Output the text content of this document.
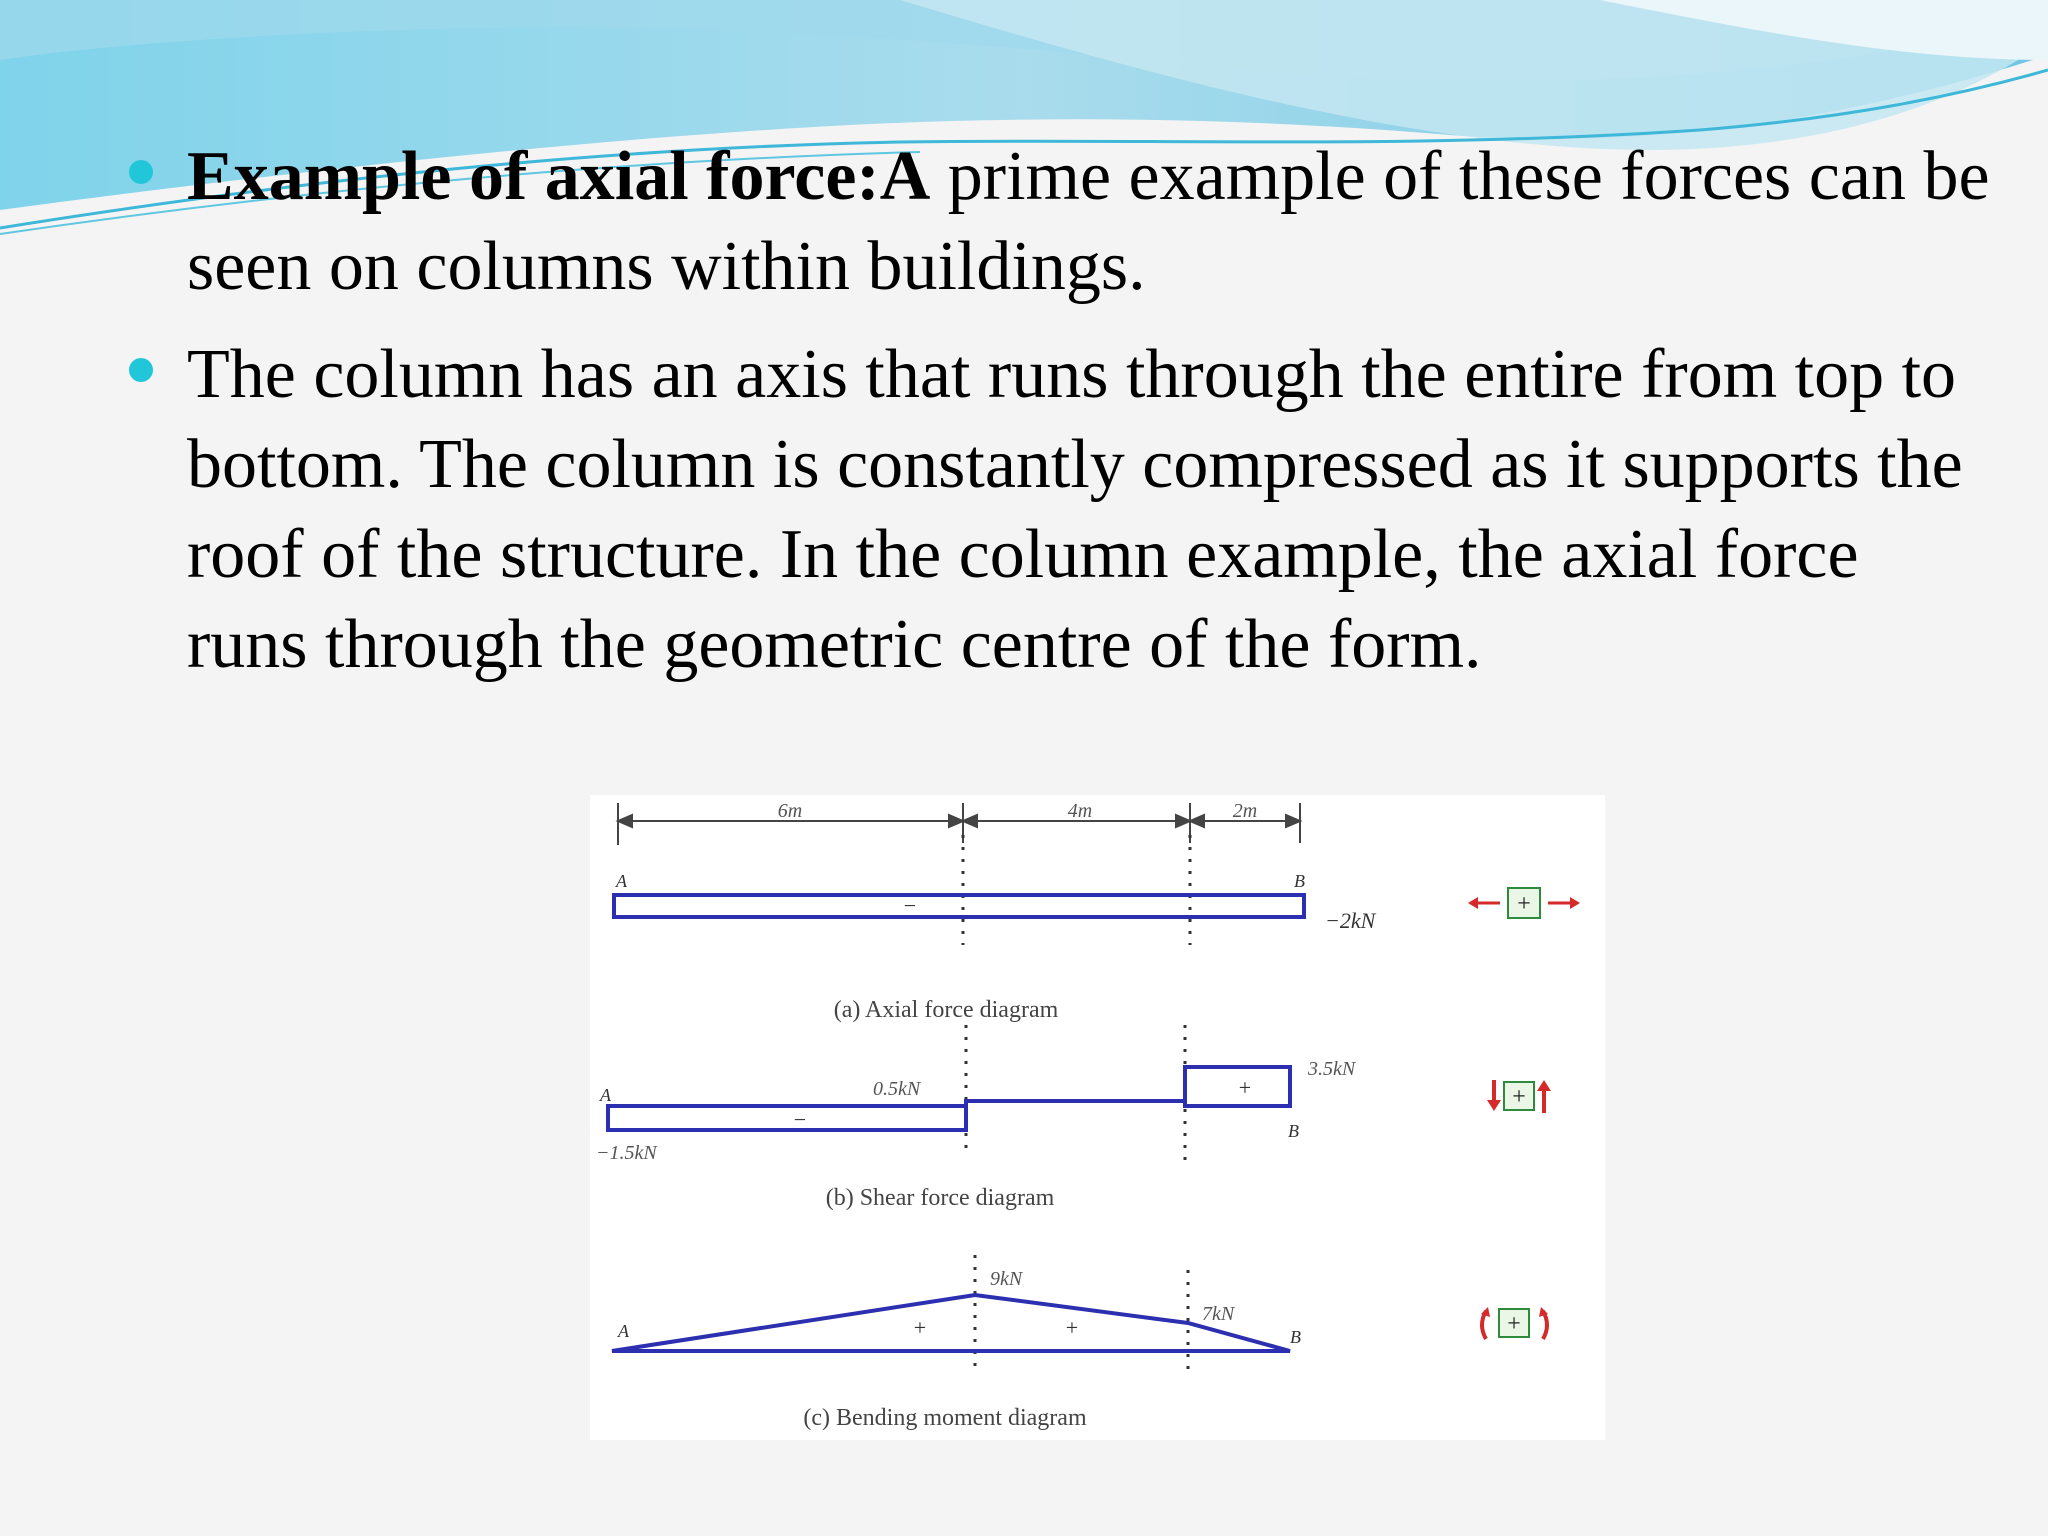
Example of axial force:A prime example of these forces can be seen on columns within buildings.

The column has an axis that runs through the entire from top to bottom. The column is constantly compressed as it supports the roof of the structure. In the column example, the axial force runs through the geometric centre of the form.

6m	4m	2m
A	B
−
−2kN
(a) Axial force diagram
+
A
B
−
+
3.5kN
0.5kN
−1.5kN
(b) Shear force diagram
+
A	B
+	+
9kN
7kN
(c) Bending moment diagram
+
